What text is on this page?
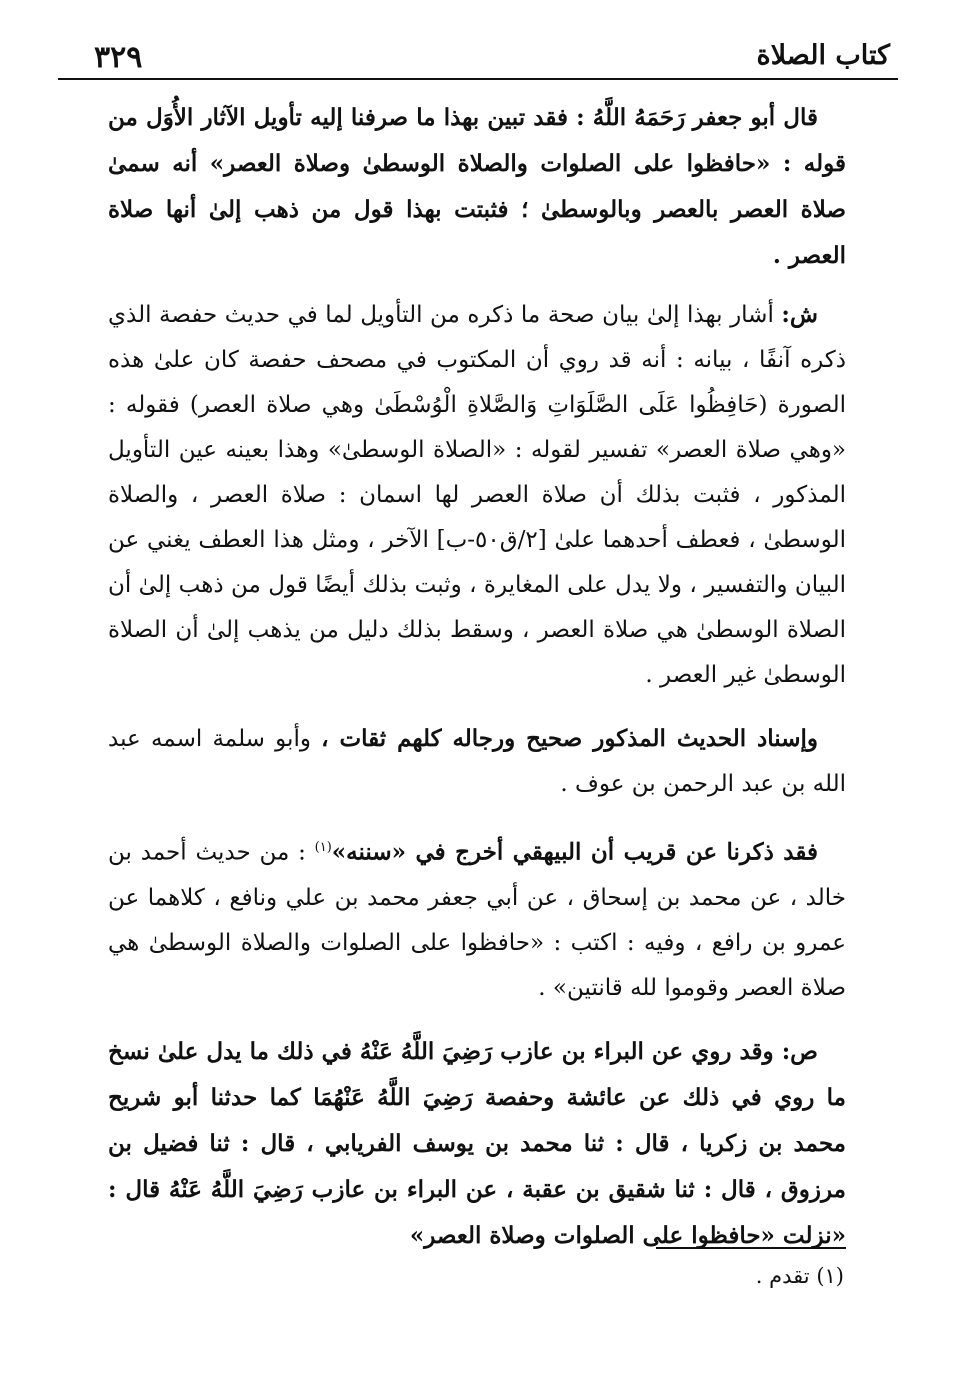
٣٢٩	كتاب الصلاة

قال أبو جعفر رَحَمَهُ اللَّهُ : فقد تبين بهذا ما صرفنا إليه تأويل الآثار الأُوَل من قوله : «حافظوا على الصلوات والصلاة الوسطىٰ وصلاة العصر» أنه سمىٰ صلاة العصر بالعصر وبالوسطىٰ ؛ فثبتت بهذا قول من ذهب إلىٰ أنها صلاة العصر .

ش: أشار بهذا إلىٰ بيان صحة ما ذكره من التأويل لما في حديث حفصة الذي ذكره آنفًا ، بيانه : أنه قد روي أن المكتوب في مصحف حفصة كان علىٰ هذه الصورة (حَافِظُوا عَلَى الصَّلَوَاتِ وَالصَّلاةِ الْوُسْطَىٰ وهي صلاة العصر) فقوله : «وهي صلاة العصر» تفسير لقوله : «الصلاة الوسطىٰ» وهذا بعينه عين التأويل المذكور ، فثبت بذلك أن صلاة العصر لها اسمان : صلاة العصر ، والصلاة الوسطىٰ ، فعطف أحدهما علىٰ [٢/ق٥٠-ب] الآخر ، ومثل هذا العطف يغني عن البيان والتفسير ، ولا يدل على المغايرة ، وثبت بذلك أيضًا قول من ذهب إلىٰ أن الصلاة الوسطىٰ هي صلاة العصر ، وسقط بذلك دليل من يذهب إلىٰ أن الصلاة الوسطىٰ غير العصر .

وإسناد الحديث المذكور صحيح ورجاله كلهم ثقات ، وأبو سلمة اسمه عبد الله بن عبد الرحمن بن عوف .

فقد ذكرنا عن قريب أن البيهقي أخرج في «سننه»$^{(١)}$ : من حديث أحمد بن خالد ، عن محمد بن إسحاق ، عن أبي جعفر محمد بن علي ونافع ، كلاهما عن عمرو بن رافع ، وفيه : اكتب : «حافظوا على الصلوات والصلاة الوسطىٰ هي صلاة العصر وقوموا لله قانتين» .

ص: وقد روي عن البراء بن عازب رَضِيَ اللَّهُ عَنْهُ في ذلك ما يدل علىٰ نسخ ما روي في ذلك عن عائشة وحفصة رَضِيَ اللَّهُ عَنْهُمَا كما حدثنا أبو شريح محمد بن زكريا ، قال : ثنا محمد بن يوسف الفريابي ، قال : ثنا فضيل بن مرزوق ، قال : ثنا شقيق بن عقبة ، عن البراء بن عازب رَضِيَ اللَّهُ عَنْهُ قال : «نزلت «حافظوا على الصلوات وصلاة العصر»

(١) تقدم .
